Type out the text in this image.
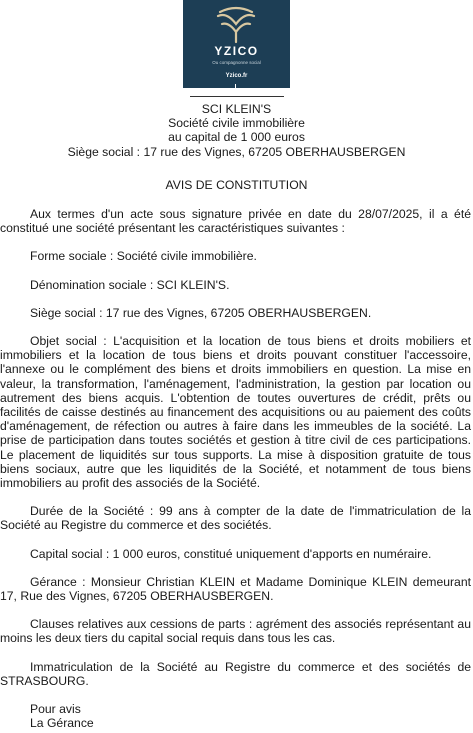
YZICO
Ou compagnonne social
Yzico.fr
SCI KLEIN'S
Société civile immobilière
au capital de 1 000 euros
Siège social : 17 rue des Vignes, 67205 OBERHAUSBERGEN
AVIS DE CONSTITUTION

Aux termes d'un acte sous signature privée en date du 28/07/2025, il a été constitué une société présentant les caractéristiques suivantes :

Forme sociale : Société civile immobilière.

Dénomination sociale : SCI KLEIN'S.

Siège social : 17 rue des Vignes, 67205 OBERHAUSBERGEN.

Objet social : L'acquisition et la location de tous biens et droits mobiliers et immobiliers et la location de tous biens et droits pouvant constituer l'accessoire, l'annexe ou le complément des biens et droits immobiliers en question. La mise en valeur, la transformation, l'aménagement, l'administration, la gestion par location ou autrement des biens acquis. L'obtention de toutes ouvertures de crédit, prêts ou facilités de caisse destinés au financement des acquisitions ou au paiement des coûts d'aménagement, de réfection ou autres à faire dans les immeubles de la société. La prise de participation dans toutes sociétés et gestion à titre civil de ces participations. Le placement de liquidités sur tous supports. La mise à disposition gratuite de tous biens sociaux, autre que les liquidités de la Société, et notamment de tous biens immobiliers au profit des associés de la Société.

Durée de la Société : 99 ans à compter de la date de l'immatriculation de la Société au Registre du commerce et des sociétés.

Capital social : 1 000 euros, constitué uniquement d'apports en numéraire.

Gérance : Monsieur Christian KLEIN et Madame Dominique KLEIN demeurant 17, Rue des Vignes, 67205 OBERHAUSBERGEN.

Clauses relatives aux cessions de parts : agrément des associés représentant au moins les deux tiers du capital social requis dans tous les cas.

Immatriculation de la Société au Registre du commerce et des sociétés de STRASBOURG.

Pour avis
La Gérance
